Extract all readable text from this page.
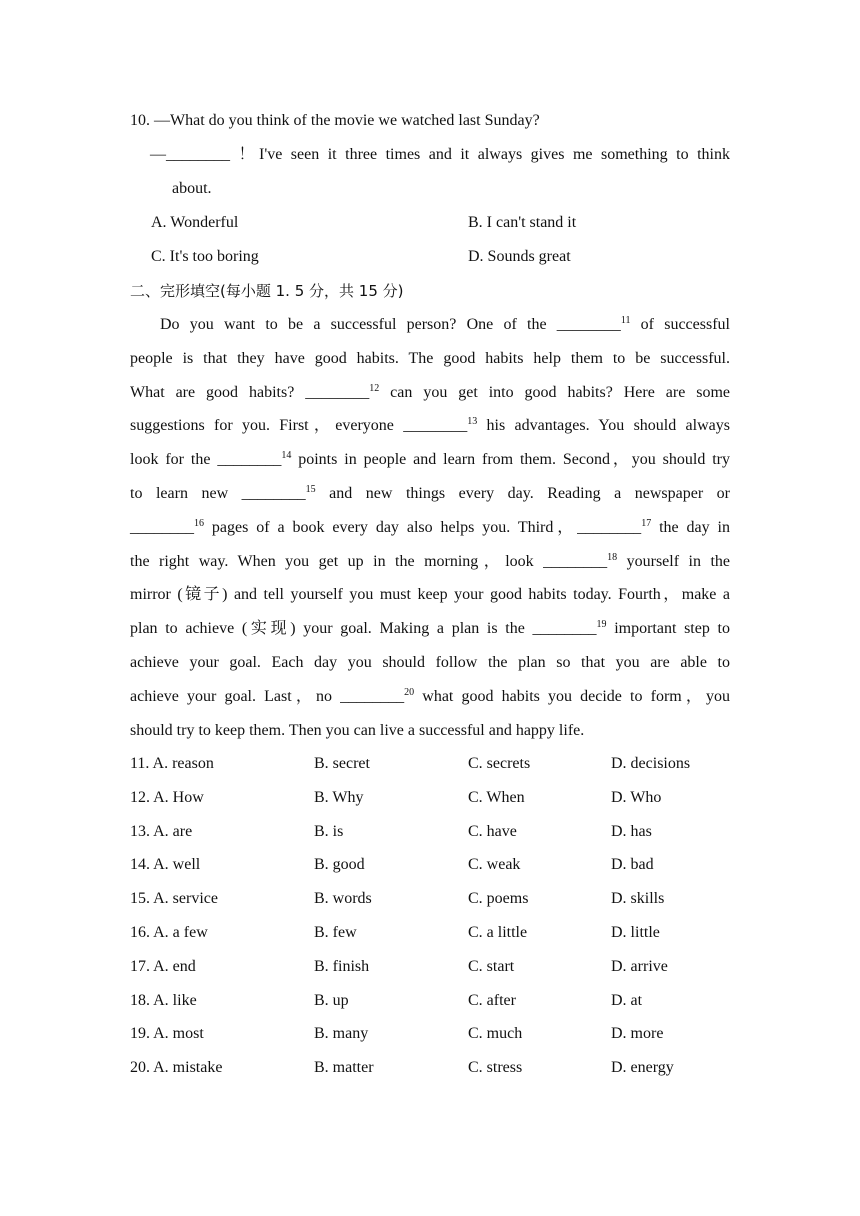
10. —What do you think of the movie we watched last Sunday?
—________ ！I've seen it three times and it always gives me something to think
about.
A. Wonderful	B. I can't stand it
C. It's too boring	D. Sounds great
二、完形填空(每小题 1. 5 分，共 15 分)
Do you want to be a successful person? One of the ________$^{11}$ of successful
people is that they have good habits. The good habits help them to be successful.
What are good habits? ________$^{12}$ can you get into good habits? Here are some
suggestions for you. First，everyone ________$^{13}$ his advantages. You should always
look for the ________$^{14}$ points in people and learn from them. Second，you should try
to learn new ________$^{15}$ and new things every day. Reading a newspaper or
________$^{16}$ pages of a book every day also helps you. Third，________$^{17}$ the day in
the right way. When you get up in the morning，look ________$^{18}$ yourself in the
mirror (镜子) and tell yourself you must keep your good habits today. Fourth，make a
plan to achieve (实现) your goal. Making a plan is the ________$^{19}$ important step to
achieve your goal. Each day you should follow the plan so that you are able to
achieve your goal. Last，no ________$^{20}$ what good habits you decide to form，you
should try to keep them. Then you can live a successful and happy life.
11. A. reason	B. secret	C. secrets	D. decisions
12. A. How	B. Why	C. When	D. Who
13. A. are	B. is	C. have	D. has
14. A. well	B. good	C. weak	D. bad
15. A. service	B. words	C. poems	D. skills
16. A. a few	B. few	C. a little	D. little
17. A. end	B. finish	C. start	D. arrive
18. A. like	B. up	C. after	D. at
19. A. most	B. many	C. much	D. more
20. A. mistake	B. matter	C. stress	D. energy
